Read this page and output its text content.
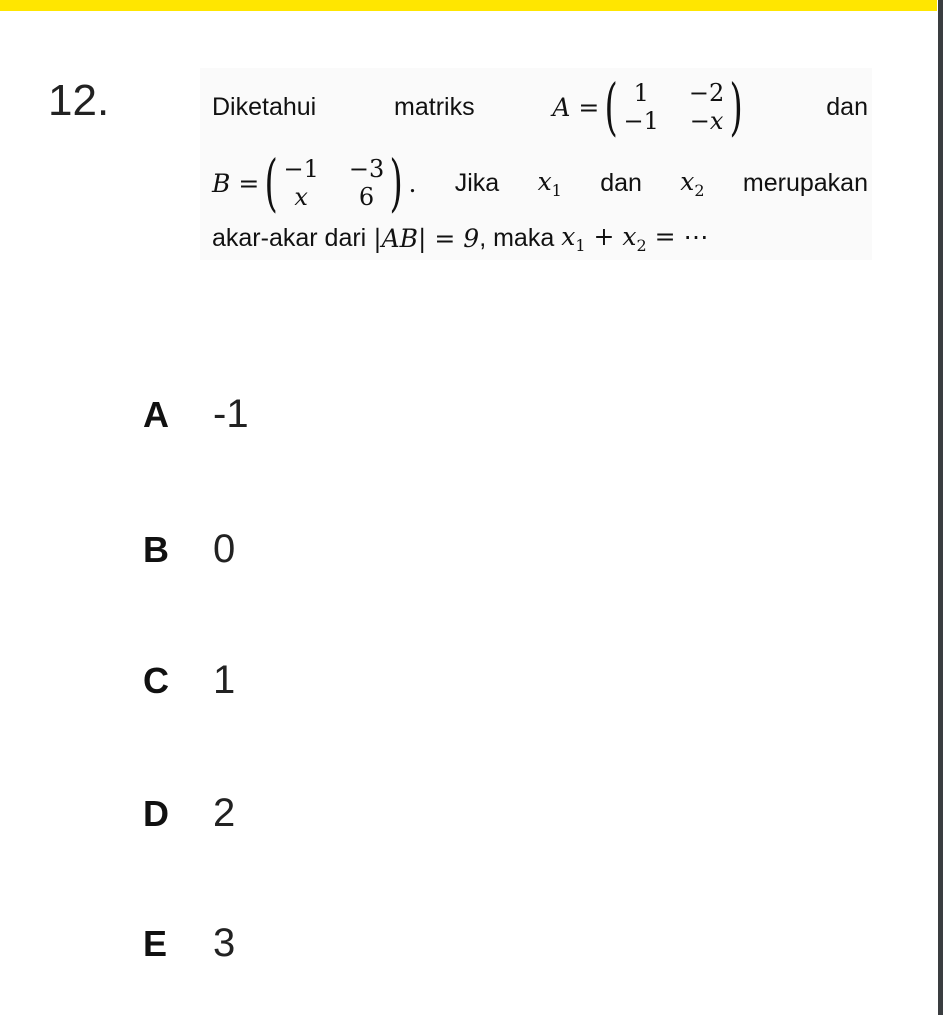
12.	Diketahui	matriks	A = ( 1	−2
−1 −x )	dan
B = ( −1 −3
x	6 ) . Jika $x_1$ dan $x_2$ merupakan
akar-akar dari
|AB| = 9 , maka
$x_1 + x_2$ = ⋯
A	-1
B	0
C	1
D	2
E	3
